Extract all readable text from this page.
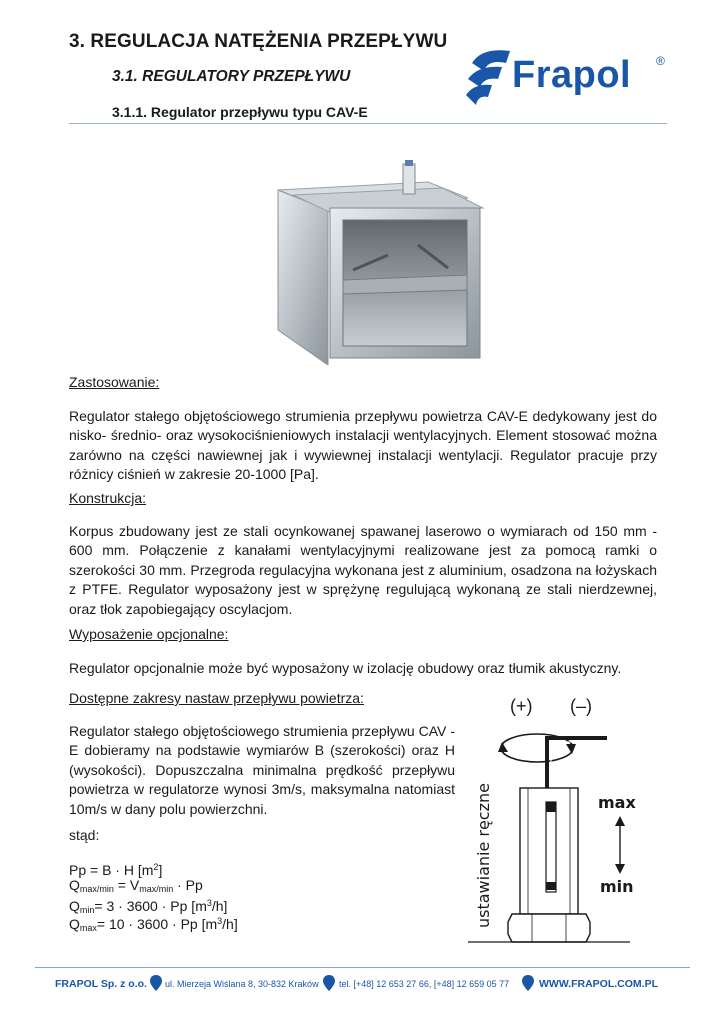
3. REGULACJA NATĘŻENIA PRZEPŁYWU
3.1. REGULATORY PRZEPŁYWU
3.1.1. Regulator przepływu typu CAV-E
Frapol ®
Zastosowanie:
Regulator stałego objętościowego strumienia przepływu powietrza CAV-E dedykowany jest do nisko- średnio- oraz wysokociśnieniowych instalacji wentylacyjnych. Element stosować można zarówno na części nawiewnej jak i wywiewnej instalacji wentylacji. Regulator pracuje przy różnicy ciśnień w zakresie 20-1000 [Pa].
Konstrukcja:
Korpus zbudowany jest ze stali ocynkowanej spawanej laserowo o wymiarach od 150 mm - 600 mm. Połączenie z kanałami wentylacyjnymi realizowane jest za pomocą ramki o szerokości 30 mm. Przegroda regulacyjna wykonana jest z aluminium, osadzona na łożyskach z PTFE. Regulator wyposażony jest w sprężynę regulującą wykonaną ze stali nierdzewnej, oraz tłok zapobiegający oscylacjom.
Wyposażenie opcjonalne:
Regulator opcjonalnie może być wyposażony w izolację obudowy oraz tłumik akustyczny.
Dostępne zakresy nastaw przepływu powietrza:
Regulator stałego objętościowego strumienia przepływu CAV - E dobieramy na podstawie wymiarów B (szerokości) oraz H (wysokości). Dopuszczalna minimalna prędkość przepływu powietrza w regulatorze wynosi 3m/s, maksymalna natomiast 10m/s w dany polu powierzchni.
stąd:
Pp = B · H $[m^2]$
$Q_{max/min} = V_{max/min} \cdot Pp$
$Q_{min}= 3 \cdot 3600 \cdot Pp$ $[m^3/h]$
$Q_{max}= 10 \cdot 3600 \cdot Pp$ $[m^3/h]$
(+) (–)
max
min
ustawianie ręczne
FRAPOL Sp. z o.o. ul. Mierzeja Wiślana 8, 30-832 Kraków tel. [+48] 12 653 27 66, [+48] 12 659 05 77	WWW.FRAPOL.COM.PL
